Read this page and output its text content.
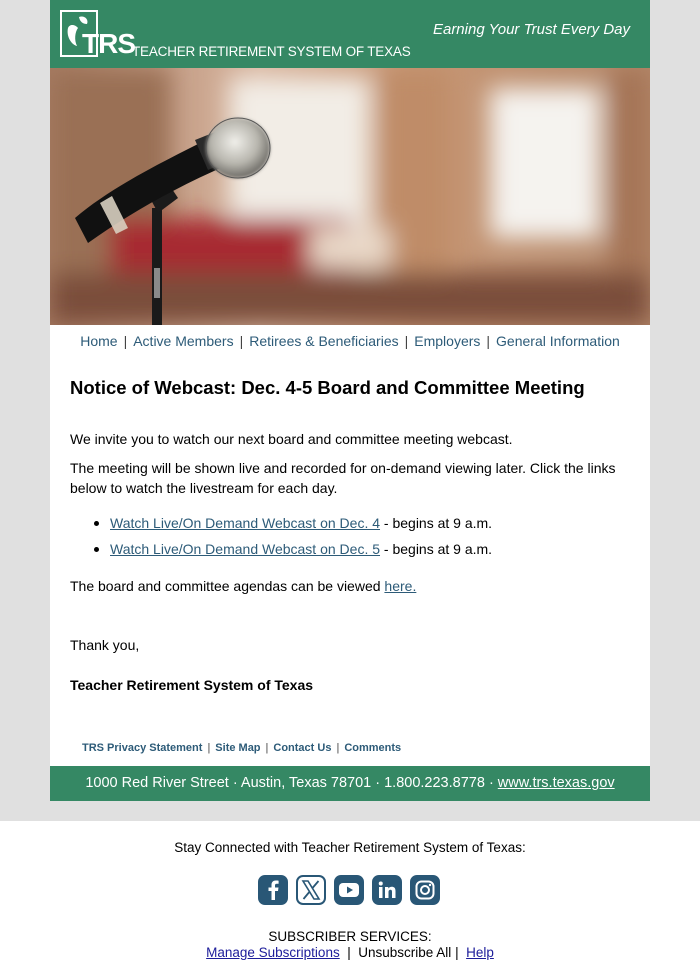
TRS
TEACHER RETIREMENT SYSTEM OF TEXAS
Earning Your Trust Every Day
Home | Active Members | Retirees & Beneficiaries | Employers | General Information
Notice of Webcast: Dec. 4-5 Board and Committee Meeting

We invite you to watch our next board and committee meeting webcast.

The meeting will be shown live and recorded for on-demand viewing later. Click the links below to watch the livestream for each day.

Watch Live/On Demand Webcast on Dec. 4 - begins at 9 a.m.
Watch Live/On Demand Webcast on Dec. 5 - begins at 9 a.m.

The board and committee agendas can be viewed here.

Thank you,

Teacher Retirement System of Texas

TRS Privacy Statement | Site Map | Contact Us | Comments
1000 Red River Street · Austin, Texas 78701 · 1.800.223.8778 · www.trs.texas.gov
Stay Connected with Teacher Retirement System of Texas:
SUBSCRIBER SERVICES:
Manage Subscriptions | Unsubscribe All | Help
